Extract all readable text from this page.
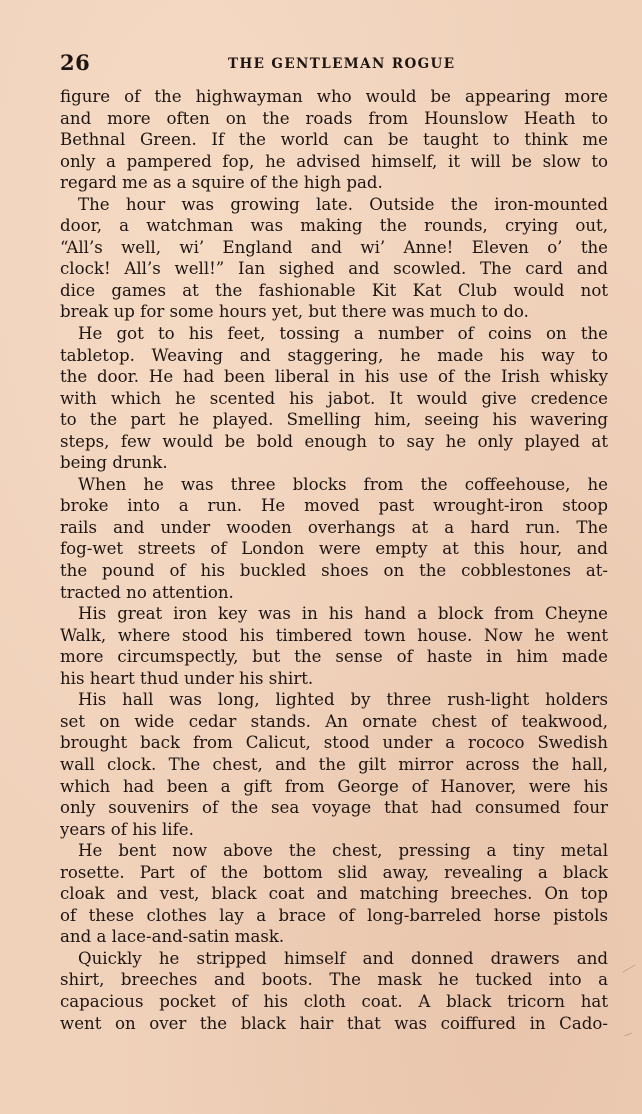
26	THE GENTLEMAN ROGUE
figure of the highwayman who would be appearing more
and more often on the roads from Hounslow Heath to
Bethnal Green. If the world can be taught to think me
only a pampered fop, he advised himself, it will be slow to
regard me as a squire of the high pad.
The hour was growing late. Outside the iron-mounted
door, a watchman was making the rounds, crying out,
“All’s well, wi’ England and wi’ Anne! Eleven o’ the
clock! All’s well!” Ian sighed and scowled. The card and
dice games at the fashionable Kit Kat Club would not
break up for some hours yet, but there was much to do.
He got to his feet, tossing a number of coins on the
tabletop. Weaving and staggering, he made his way to
the door. He had been liberal in his use of the Irish whisky
with which he scented his jabot. It would give credence
to the part he played. Smelling him, seeing his wavering
steps, few would be bold enough to say he only played at
being drunk.
When he was three blocks from the coffeehouse, he
broke into a run. He moved past wrought-iron stoop
rails and under wooden overhangs at a hard run. The
fog-wet streets of London were empty at this hour, and
the pound of his buckled shoes on the cobblestones at-
tracted no attention.
His great iron key was in his hand a block from Cheyne
Walk, where stood his timbered town house. Now he went
more circumspectly, but the sense of haste in him made
his heart thud under his shirt.
His hall was long, lighted by three rush-light holders
set on wide cedar stands. An ornate chest of teakwood,
brought back from Calicut, stood under a rococo Swedish
wall clock. The chest, and the gilt mirror across the hall,
which had been a gift from George of Hanover, were his
only souvenirs of the sea voyage that had consumed four
years of his life.
He bent now above the chest, pressing a tiny metal
rosette. Part of the bottom slid away, revealing a black
cloak and vest, black coat and matching breeches. On top
of these clothes lay a brace of long-barreled horse pistols
and a lace-and-satin mask.
Quickly he stripped himself and donned drawers and
shirt, breeches and boots. The mask he tucked into a
capacious pocket of his cloth coat. A black tricorn hat
went on over the black hair that was coiffured in Cado-
